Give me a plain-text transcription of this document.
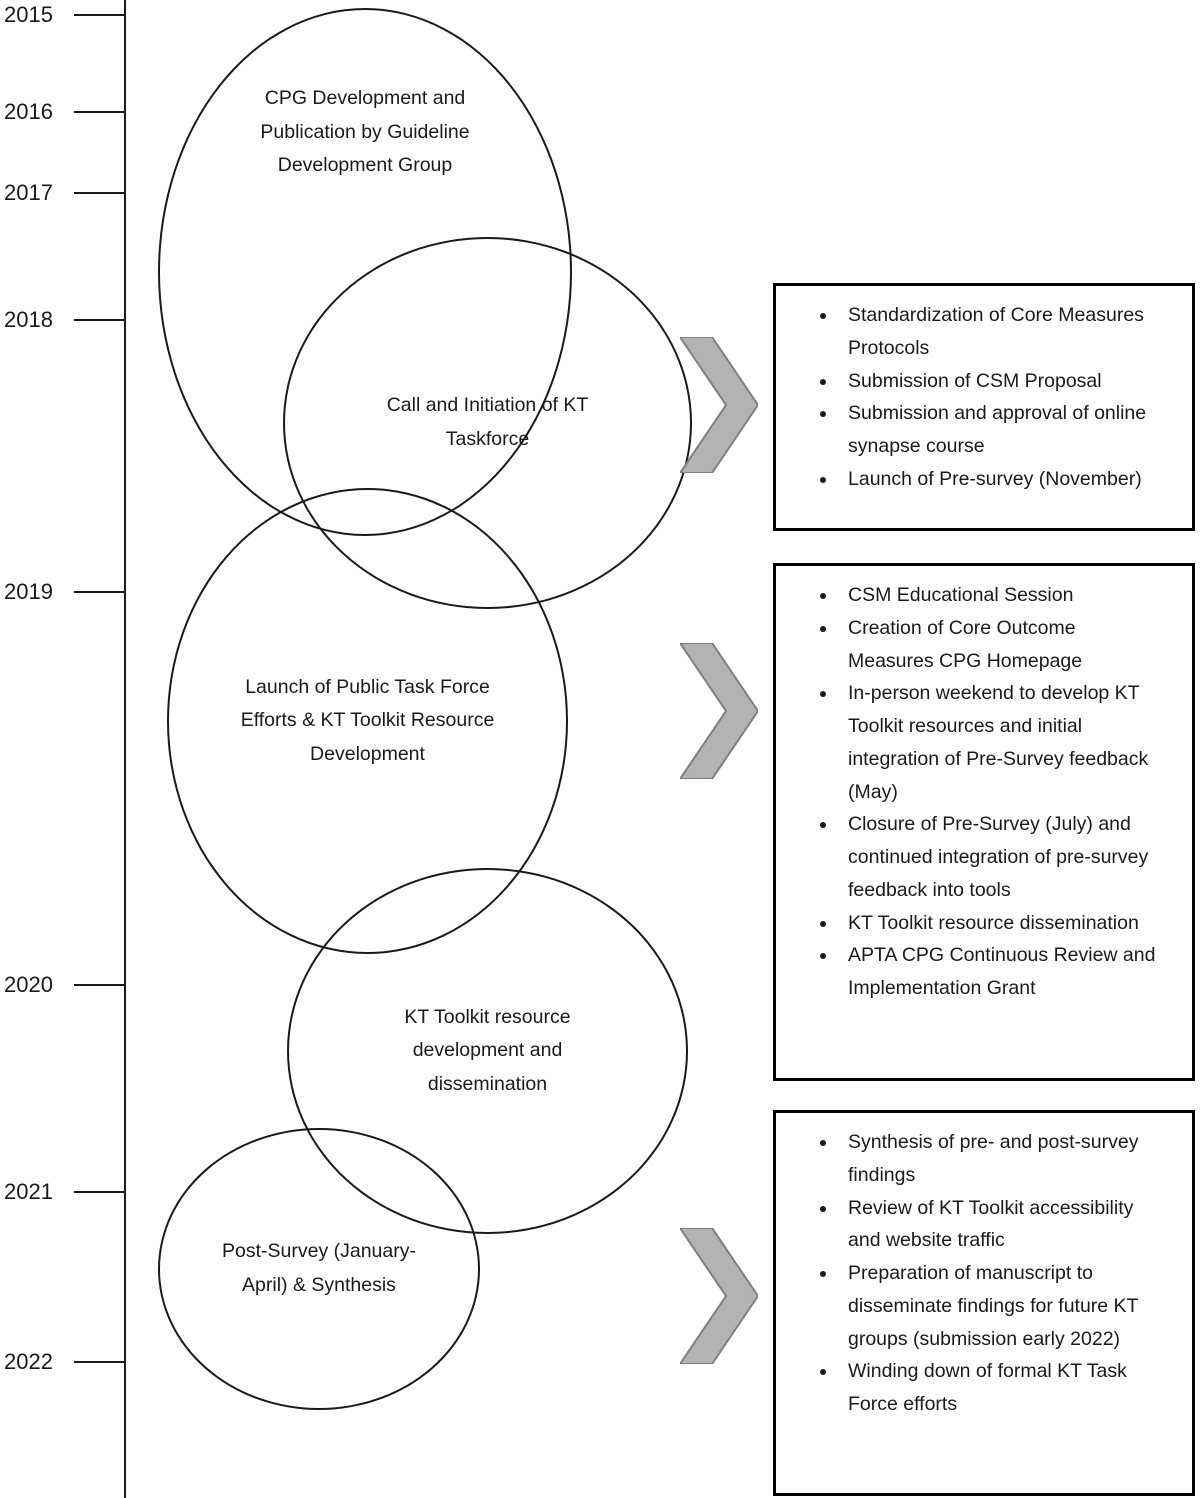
2015
2016
2017
2018
2019
2020
2021
2022
CPG Development and Publication by Guideline Development Group
Call and Initiation of KT Taskforce
Launch of Public Task Force Efforts & KT Toolkit Resource Development
KT Toolkit resource development and dissemination
Post-Survey (January-April) & Synthesis
• Standardization of Core Measures Protocols
• Submission of CSM Proposal
• Submission and approval of online synapse course
• Launch of Pre-survey (November)
• CSM Educational Session
• Creation of Core Outcome Measures CPG Homepage
• In-person weekend to develop KT Toolkit resources and initial integration of Pre-Survey feedback (May)
• Closure of Pre-Survey (July) and continued integration of pre-survey feedback into tools
• KT Toolkit resource dissemination
• APTA CPG Continuous Review and Implementation Grant
• Synthesis of pre- and post-survey findings
• Review of KT Toolkit accessibility and website traffic
• Preparation of manuscript to disseminate findings for future KT groups (submission early 2022)
• Winding down of formal KT Task Force efforts
